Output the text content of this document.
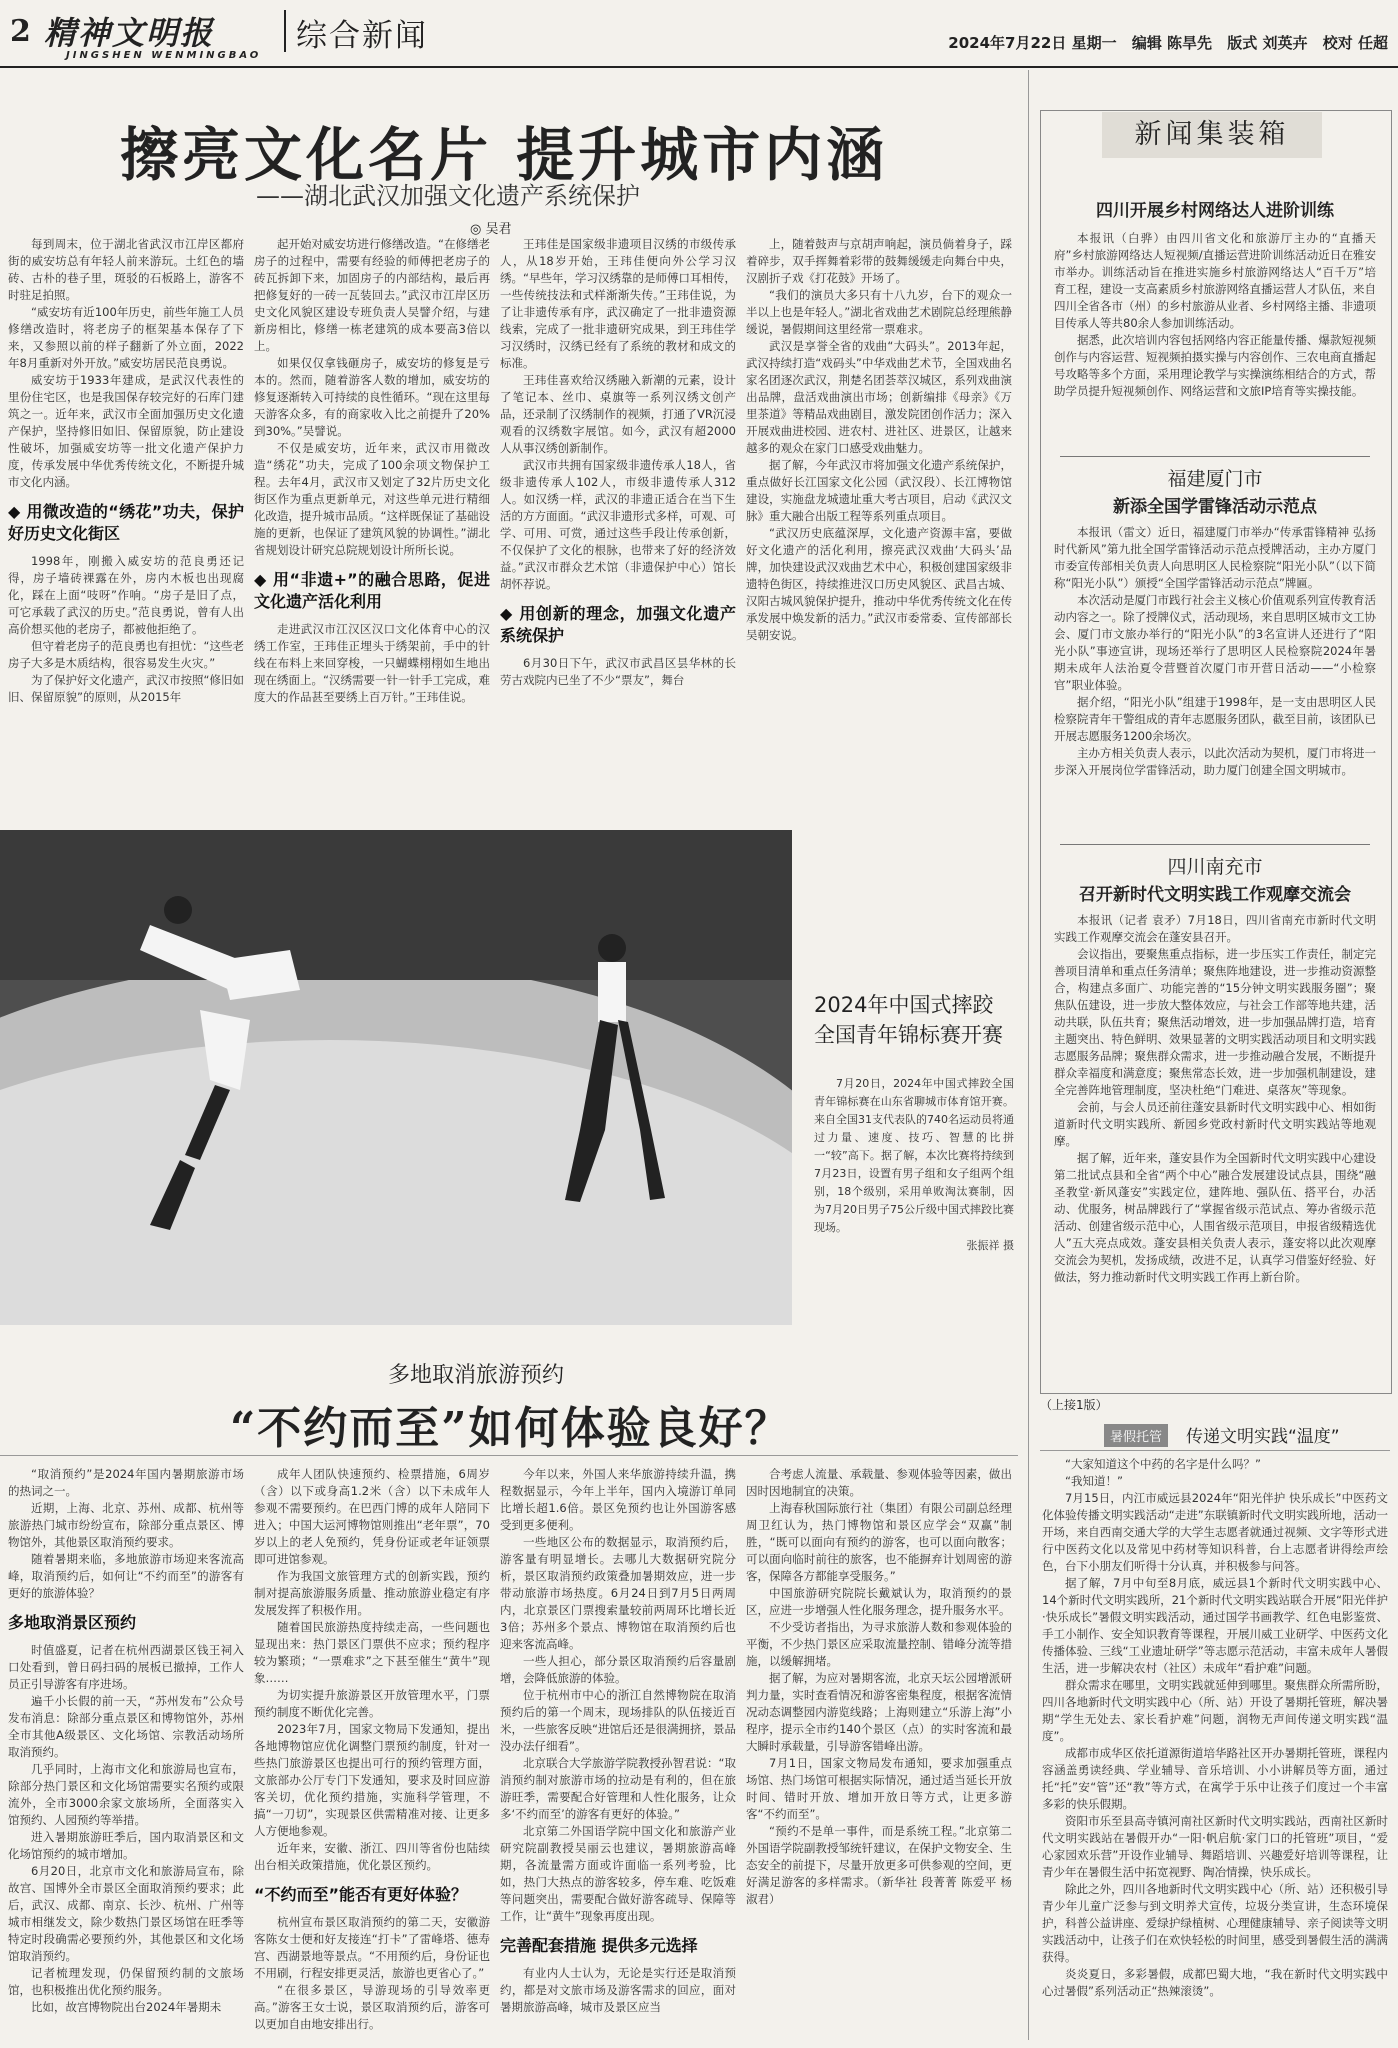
2 精神文明报
JINGSHEN WENMINGBAO
综合新闻	2024年7月22日 星期一 编辑 陈旱先 版式 刘英卉 校对 任超
擦亮文化名片 提升城市内涵
——湖北武汉加强文化遗产系统保护
◎ 吴君

每到周末，位于湖北省武汉市江岸区都府街的威安坊总有年轻人前来游玩。土红色的墙砖、古朴的巷子里，斑驳的石板路上，游客不时驻足拍照。

“威安坊有近100年历史，前些年施工人员修缮改造时，将老房子的框架基本保存了下来，又参照以前的样子翻新了外立面，2022年8月重新对外开放。”威安坊居民范良勇说。

威安坊于1933年建成，是武汉代表性的里份住宅区，也是我国保存较完好的石库门建筑之一。近年来，武汉市全面加强历史文化遗产保护，坚持修旧如旧、保留原貌，防止建设性破坏，加强威安坊等一批文化遗产保护力度，传承发展中华优秀传统文化，不断提升城市文化内涵。

◆ 用微改造的“绣花”功夫，保护好历史文化街区

1998年，刚搬入威安坊的范良勇还记得，房子墙砖裸露在外，房内木板也出现腐化，踩在上面“吱呀”作响。“房子是旧了点，可它承载了武汉的历史。”范良勇说，曾有人出高价想买他的老房子，都被他拒绝了。

但守着老房子的范良勇也有担忧：“这些老房子大多是木质结构，很容易发生火灾。”

为了保护好文化遗产，武汉市按照“修旧如旧、保留原貌”的原则，从2015年

起开始对威安坊进行修缮改造。“在修缮老房子的过程中，需要有经验的师傅把老房子的砖瓦拆卸下来，加固房子的内部结构，最后再把修复好的一砖一瓦装回去。”武汉市江岸区历史文化风貌区建设专班负责人吴譬介绍，与建新房相比，修缮一栋老建筑的成本要高3倍以上。

如果仅仅拿钱砸房子，威安坊的修复是亏本的。然而，随着游客人数的增加，威安坊的修复逐渐转入可持续的良性循环。“现在这里每天游客众多，有的商家收入比之前提升了20%到30%。”吴譬说。

不仅是威安坊，近年来，武汉市用微改造“绣花”功夫，完成了100余项文物保护工程。去年4月，武汉市又划定了32片历史文化街区作为重点更新单元，对这些单元进行精细化改造，提升城市品质。“这样既保证了基础设施的更新，也保证了建筑风貌的协调性。”湖北省规划设计研究总院规划设计所所长说。

◆ 用“非遗+”的融合思路，促进文化遗产活化利用

走进武汉市江汉区汉口文化体育中心的汉绣工作室，王玮佳正埋头于绣架前，手中的针线在布料上来回穿梭，一只蝴蝶栩栩如生地出现在绣面上。“汉绣需要一针一针手工完成，难度大的作品甚至要绣上百万针。”王玮佳说。

王玮佳是国家级非遗项目汉绣的市级传承人，从18岁开始，王玮佳便向外公学习汉绣。“早些年，学习汉绣靠的是师傅口耳相传，一些传统技法和式样渐渐失传。”王玮佳说，为了让非遗传承有序，武汉确定了一批非遗资源线索，完成了一批非遗研究成果，到王玮佳学习汉绣时，汉绣已经有了系统的教材和成文的标准。

王玮佳喜欢给汉绣融入新潮的元素，设计了笔记本、丝巾、桌旗等一系列汉绣文创产品，还录制了汉绣制作的视频，打通了VR沉浸观看的汉绣数字展馆。如今，武汉有超2000人从事汉绣创新制作。

武汉市共拥有国家级非遗传承人18人，省级非遗传承人102人，市级非遗传承人312人。如汉绣一样，武汉的非遗正适合在当下生活的方方面面。“武汉非遗形式多样，可观、可学、可用、可赏，通过这些手段让传承创新，不仅保护了文化的根脉，也带来了好的经济效益。”武汉市群众艺术馆（非遗保护中心）馆长胡怀荐说。

◆ 用创新的理念，加强文化遗产系统保护

6月30日下午，武汉市武昌区昙华林的长劳古戏院内已坐了不少“票友”，舞台

上，随着鼓声与京胡声响起，演员倘着身子，踩着碎步，双手挥舞着彩带的鼓舞缓缓走向舞台中央，汉剧折子戏《打花鼓》开场了。

“我们的演员大多只有十八九岁，台下的观众一半以上也是年轻人。”湖北省戏曲艺术剧院总经理熊静缓说，暑假期间这里经常一票难求。

武汉是享誉全省的戏曲“大码头”。2013年起，武汉持续打造“戏码头”中华戏曲艺术节，全国戏曲名家名团逐次武汉，荆楚名团荟萃汉城区，系列戏曲演出品牌，盘活戏曲演出市场；创新编排《母亲》《万里茶道》等精品戏曲剧目，激发院团创作活力；深入开展戏曲进校园、进农村、进社区、进景区，让越来越多的观众在家门口感受戏曲魅力。

据了解，今年武汉市将加强文化遗产系统保护，重点做好长江国家文化公园（武汉段）、长江博物馆建设，实施盘龙城遗址重大考古项目，启动《武汉文脉》重大融合出版工程等系列重点项目。

“武汉历史底蕴深厚，文化遗产资源丰富，要做好文化遗产的活化利用，擦亮武汉戏曲‘大码头’品牌，加快建设武汉戏曲艺术中心，积极创建国家级非遗特色街区，持续推进汉口历史风貌区、武昌古城、汉阳古城风貌保护提升，推动中华优秀传统文化在传承发展中焕发新的活力。”武汉市委常委、宣传部部长吴朝安说。

2024年中国式摔跤全国青年锦标赛开赛

7月20日，2024年中国式摔跤全国青年锦标赛在山东省聊城市体育馆开赛。来自全国31支代表队的740名运动员将通过力量、速度、技巧、智慧的比拼一“较”高下。据了解，本次比赛将持续到7月23日，设置有男子组和女子组两个组别，18个级别，采用单败淘汰赛制，因为7月20日男子75公斤级中国式摔跤比赛现场。

张振祥 摄
多地取消旅游预约
“不约而至”如何体验良好？

“取消预约”是2024年国内暑期旅游市场的热词之一。

近期，上海、北京、苏州、成都、杭州等旅游热门城市纷纷宣布，除部分重点景区、博物馆外，其他景区取消预约要求。

随着暑期来临，多地旅游市场迎来客流高峰，取消预约后，如何让“不约而至”的游客有更好的旅游体验？

多地取消景区预约

时值盛夏，记者在杭州西湖景区钱王祠入口处看到，曾日码扫码的展板已撤掉，工作人员正引导游客有序进场。

遍千小长假的前一天，“苏州发布”公众号发布消息：除部分重点景区和博物馆外，苏州全市其他A级景区、文化场馆、宗教活动场所取消预约。

几乎同时，上海市文化和旅游局也宣布，除部分热门景区和文化场馆需要实名预约或限流外，全市3000余家文旅场所，全面落实入馆预约、人园预约等举措。

进入暑期旅游旺季后，国内取消景区和文化场馆预约的城市增加。

6月20日，北京市文化和旅游局宣布，除故宫、国博外全市景区全面取消预约要求；此后，武汉、成都、南京、长沙、杭州、广州等城市相继发文，除少数热门景区场馆在旺季等特定时段确需必要预约外，其他景区和文化场馆取消预约。

记者梳理发现，仍保留预约制的文旅场馆，也积极推出优化预约服务。

比如，故宫博物院出台2024年暑期未

成年人团队快速预约、检票措施，6周岁（含）以下或身高1.2米（含）以下未成年人参观不需要预约。在巴西门博的成年人陪同下进入；中国大运河博物馆则推出“老年票”，70岁以上的老人免预约，凭身份证或老年证领票即可进馆参观。

作为我国文旅管理方式的创新实践，预约制对提高旅游服务质量、推动旅游业稳定有序发展发挥了积极作用。

随着国民旅游热度持续走高，一些问题也显现出来：热门景区门票供不应求；预约程序较为繁琐；“一票难求”之下甚至催生“黄牛”现象……

为切实提升旅游景区开放管理水平，门票预约制度不断优化完善。

2023年7月，国家文物局下发通知，提出各地博物馆应优化调整门票预约制度，针对一些热门旅游景区也提出可行的预约管理方面，文旅部办公厅专门下发通知，要求及时回应游客关切，优化预约措施，实施科学管理，不搞“一刀切”，实现景区供需精准对接、让更多人方便地参观。

近年来，安徽、浙江、四川等省份也陆续出台相关政策措施，优化景区预约。

“不约而至”能否有更好体验？

杭州宣布景区取消预约的第二天，安徽游客陈女士便和好友接连“打卡”了雷峰塔、德寿宫、西湖景地等景点。“不用预约后，身份证也不用刷，行程安排更灵活，旅游也更省心了。”

“在很多景区，导游现场的引导效率更高。”游客王女士说，景区取消预约后，游客可以更加自由地安排出行。

今年以来，外国人来华旅游持续升温，携程数据显示，今年上半年，国内入境游订单同比增长超1.6倍。景区免预约也让外国游客感受到更多便利。

一些地区公布的数据显示，取消预约后，游客量有明显增长。去哪儿大数据研究院分析，景区取消预约政策叠加暑期效应，进一步带动旅游市场热度。6月24日到7月5日两周内，北京景区门票搜索量较前两周环比增长近3倍；苏州多个景点、博物馆在取消预约后也迎来客流高峰。

一些人担心，部分景区取消预约后容量剧增，会降低旅游的体验。

位于杭州市中心的浙江自然博物院在取消预约后的第一个周末，现场排队的队伍接近百米，一些旅客反映“进馆后还是很满拥挤，景品没办法仔细看”。

北京联合大学旅游学院教授孙智君说：“取消预约制对旅游市场的拉动是有利的，但在旅游旺季，需要配合好管理和人性化服务，让众多‘不约而至’的游客有更好的体验。”

北京第二外国语学院中国文化和旅游产业研究院副教授吴丽云也建议，暑期旅游高峰期，各流量需方面或许面临一系列考验，比如，热门大热点的游客较多，停车难、吃饭难等问题突出，需要配合做好游客疏导、保障等工作，让“黄牛”现象再度出现。

完善配套措施 提供多元选择

有业内人士认为，无论是实行还是取消预约，都是对文旅市场及游客需求的回应，面对暑期旅游高峰，城市及景区应当

合考虑人流量、承载量、参观体验等因素，做出因时因地制宜的决策。

上海春秋国际旅行社（集团）有限公司副总经理周卫红认为，热门博物馆和景区应学会“双赢”制胜，“既可以面向有预约的游客，也可以面向散客；可以面向临时前往的旅客，也不能摒弃计划周密的游客，保障各方都能享受服务。”

中国旅游研究院院长戴斌认为，取消预约的景区，应进一步增强人性化服务理念，提升服务水平。

不少受访者指出，为寻求旅游人数和参观体验的平衡，不少热门景区应采取流量控制、错峰分流等措施，以缓解拥堵。

据了解，为应对暑期客流，北京天坛公园增派研判力量，实时查看情况和游客密集程度，根据客流情况动态调整园内游览线路；上海则建立“乐游上海”小程序，提示全市约140个景区（点）的实时客流和最大瞬时承载量，引导游客错峰出游。

7月1日，国家文物局发布通知，要求加强重点场馆、热门场馆可根据实际情况，通过适当延长开放时间、错时开放、增加开放日等方式，让更多游客“不约而至”。

“预约不是单一事件，而是系统工程。”北京第二外国语学院副教授邹统钎建议，在保护文物安全、生态安全的前提下，尽量开放更多可供参观的空间，更好满足游客的多样需求。（新华社 段菁菁 陈爱平 杨淑君）

新闻集装箱
四川开展乡村网络达人进阶训练

本报讯（白骅）由四川省文化和旅游厅主办的“直播天府”乡村旅游网络达人短视频/直播运营进阶训练活动近日在雅安市举办。训练活动旨在推进实施乡村旅游网络达人“百千万”培育工程，建设一支高素质乡村旅游网络直播运营人才队伍，来自四川全省各市（州）的乡村旅游从业者、乡村网络主播、非遗项目传承人等共80余人参加训练活动。

据悉，此次培训内容包括网络内容正能量传播、爆款短视频创作与内容运营、短视频拍摄实操与内容创作、三农电商直播起号攻略等多个方面，采用理论教学与实操演练相结合的方式，帮助学员提升短视频创作、网络运营和文旅IP培育等实操技能。

福建厦门市
新添全国学雷锋活动示范点

本报讯（雷文）近日，福建厦门市举办“传承雷锋精神 弘扬时代新风”第九批全国学雷锋活动示范点授牌活动，主办方厦门市委宣传部相关负责人向思明区人民检察院“阳光小队”（以下简称“阳光小队”）颁授“全国学雷锋活动示范点”牌匾。

本次活动是厦门市践行社会主义核心价值观系列宣传教育活动内容之一。除了授牌仪式，活动现场，来自思明区城市文工协会、厦门市文旅办举行的“阳光小队”的3名宣讲人还进行了“阳光小队”事迹宣讲，现场还举行了思明区人民检察院2024年暑期未成年人法治夏令营暨首次厦门市开营日活动——“小检察官”职业体验。

据介绍，“阳光小队”组建于1998年，是一支由思明区人民检察院青年干警组成的青年志愿服务团队，截至目前，该团队已开展志愿服务1200余场次。

主办方相关负责人表示，以此次活动为契机，厦门市将进一步深入开展岗位学雷锋活动，助力厦门创建全国文明城市。

四川南充市
召开新时代文明实践工作观摩交流会

本报讯（记者 袁矛）7月18日，四川省南充市新时代文明实践工作观摩交流会在蓬安县召开。

会议指出，要聚焦重点指标，进一步压实工作责任，制定完善项目清单和重点任务清单；聚焦阵地建设，进一步推动资源整合，构建点多面广、功能完善的“15分钟文明实践服务圈”；聚焦队伍建设，进一步放大整体效应，与社会工作部等地共建，活动共联，队伍共育；聚焦活动增效，进一步加强品牌打造，培育主题突出、特色鲜明、效果显著的文明实践活动项目和文明实践志愿服务品牌；聚焦群众需求，进一步推动融合发展，不断提升群众幸福度和满意度；聚焦常态长效，进一步加强机制建设，建全完善阵地管理制度，坚决杜绝“门难进、桌落灰”等现象。

会前，与会人员还前往蓬安县新时代文明实践中心、相如街道新时代文明实践所、新园乡党政村新时代文明实践站等地观摩。

据了解，近年来，蓬安县作为全国新时代文明实践中心建设第二批试点县和全省“两个中心”融合发展建设试点县，围绕“融圣教堂·新风蓬安”实践定位，建阵地、强队伍、搭平台，办活动、优服务，树品牌践行了“掌握省级示范试点、筹办省级示范活动、创建省级示范中心，人围省级示范项目，申报省级精选优人”五大亮点成效。蓬安县相关负责人表示，蓬安将以此次观摩交流会为契机，发扬成绩，改进不足，认真学习借鉴好经验、好做法，努力推动新时代文明实践工作再上新台阶。

（上接1版）
暑假托管	传递文明实践“温度”

“大家知道这个中药的名字是什么吗？”

“我知道！”

7月15日，内江市威远县2024年“阳光伴护 快乐成长”中医药文化体验传播文明实践活动“走进”东联镇新时代文明实践所地，活动一开场，来自西南交通大学的大学生志愿者就通过视频、文字等形式进行中医药文化以及常见中药材等知识科普，台上志愿者讲得绘声绘色，台下小朋友们听得十分认真，并积极参与问答。

据了解，7月中旬至8月底，威远县1个新时代文明实践中心、14个新时代文明实践所，21个新时代文明实践站联合开展“阳光伴护·快乐成长”暑假文明实践活动，通过国学书画教学、红色电影鉴赏、手工小制作、安全知识教育等课程，开展川威工业研学、中医药文化传播体验、三线“工业遗址研学”等志愿示范活动，丰富未成年人暑假生活，进一步解决农村（社区）未成年“看护难”问题。

群众需求在哪里，文明实践就延伸到哪里。聚焦群众所需所盼，四川各地新时代文明实践中心（所、站）开设了暑期托管班，解决暑期“学生无处去、家长看护难”问题，润物无声间传递文明实践“温度”。

成都市成华区依托道源街道培华路社区开办暑期托管班，课程内容涵盖勇读经典、学业辅导、音乐培训、小小讲解员等方面，通过托“托”安“管”还“教”等方式，在寓学于乐中让孩子们度过一个丰富多彩的快乐假期。

资阳市乐至县高寺镇河南社区新时代文明实践站，西南社区新时代文明实践站在暑假开办“一阳·帆启航·家门口的托管班”项目，“爱心家园欢乐营”开设作业辅导、舞蹈培训、兴趣爱好培训等课程，让青少年在暑假生活中拓宽视野、陶冶情操，快乐成长。

除此之外，四川各地新时代文明实践中心（所、站）还积极引导青少年儿童广泛参与到文明养犬宣传，垃圾分类宣讲，生态环境保护，科普公益讲座、爱绿护绿植树、心理健康辅导、亲子阅读等文明实践活动中，让孩子们在欢快轻松的时间里，感受到暑假生活的满满获得。

炎炎夏日，多彩暑假，成都巴蜀大地，“我在新时代文明实践中心过暑假”系列活动正“热辣滚烫”。
